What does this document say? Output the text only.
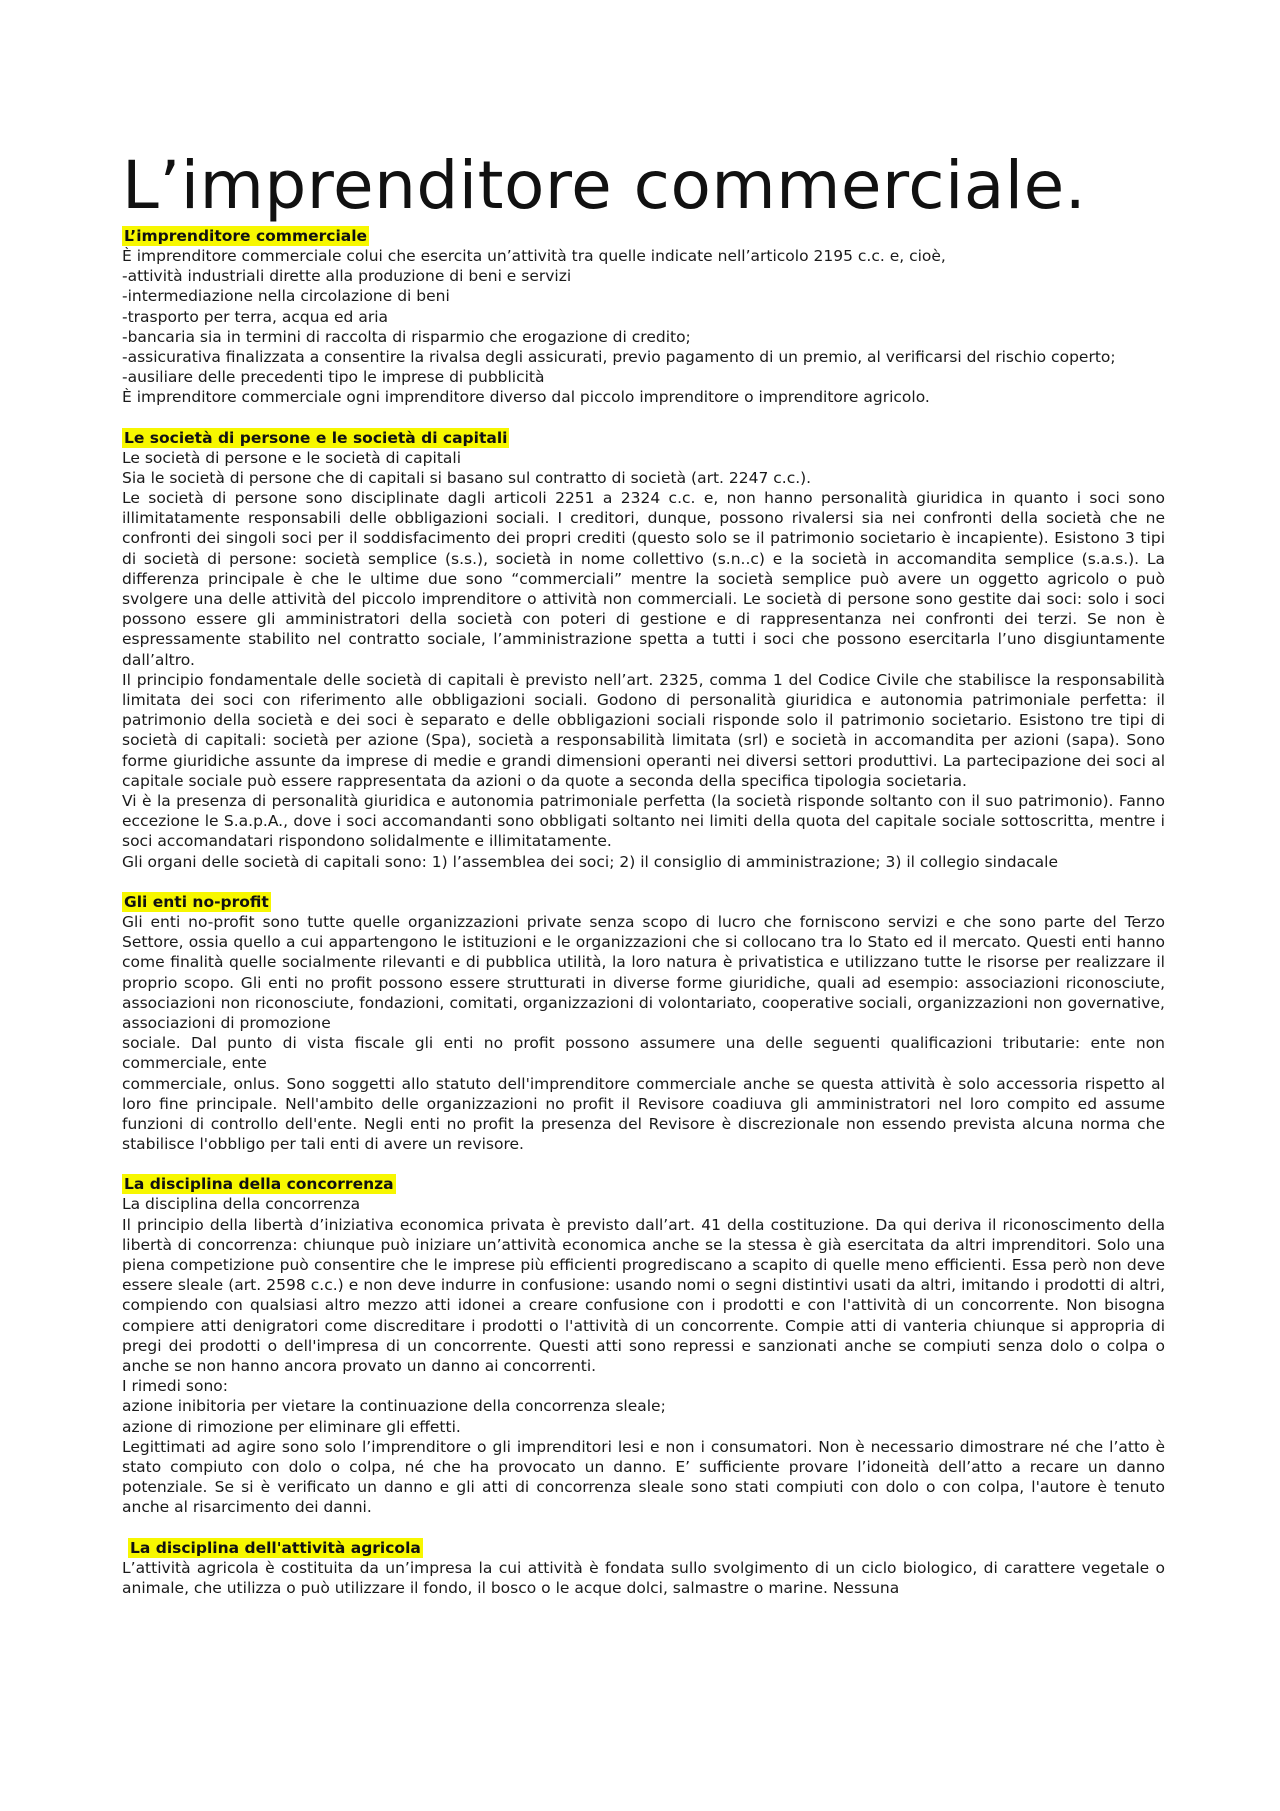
L’imprenditore commerciale.
L’imprenditore commerciale

È imprenditore commerciale colui che esercita un’attività tra quelle indicate nell’articolo 2195 c.c. e, cioè,

-attività industriali dirette alla produzione di beni e servizi

-intermediazione nella circolazione di beni

-trasporto per terra, acqua ed aria

-bancaria sia in termini di raccolta di risparmio che erogazione di credito;

-assicurativa finalizzata a consentire la rivalsa degli assicurati, previo pagamento di un premio, al verificarsi del rischio coperto;

-ausiliare delle precedenti tipo le imprese di pubblicità

È imprenditore commerciale ogni imprenditore diverso dal piccolo imprenditore o imprenditore agricolo.

Le società di persone e le società di capitali

Le società di persone e le società di capitali

Sia le società di persone che di capitali si basano sul contratto di società (art. 2247 c.c.).

Le società di persone sono disciplinate dagli articoli 2251 a 2324 c.c. e, non hanno personalità giuridica in quanto i soci sono illimitatamente responsabili delle obbligazioni sociali. I creditori, dunque, possono rivalersi sia nei confronti della società che ne confronti dei singoli soci per il soddisfacimento dei propri crediti (questo solo se il patrimonio societario è incapiente). Esistono 3 tipi di società di persone: società semplice (s.s.), società in nome collettivo (s.n..c) e la società in accomandita semplice (s.a.s.). La differenza principale è che le ultime due sono “commerciali” mentre la società semplice può avere un oggetto agricolo o può svolgere una delle attività del piccolo imprenditore o attività non commerciali. Le società di persone sono gestite dai soci: solo i soci possono essere gli amministratori della società con poteri di gestione e di rappresentanza nei confronti dei terzi. Se non è espressamente stabilito nel contratto sociale, l’amministrazione spetta a tutti i soci che possono esercitarla l’uno disgiuntamente dall’altro.

Il principio fondamentale delle società di capitali è previsto nell’art. 2325, comma 1 del Codice Civile che stabilisce la responsabilità limitata dei soci con riferimento alle obbligazioni sociali. Godono di personalità giuridica e autonomia patrimoniale perfetta: il patrimonio della società e dei soci è separato e delle obbligazioni sociali risponde solo il patrimonio societario. Esistono tre tipi di società di capitali: società per azione (Spa), società a responsabilità limitata (srl) e società in accomandita per azioni (sapa). Sono forme giuridiche assunte da imprese di medie e grandi dimensioni operanti nei diversi settori produttivi. La partecipazione dei soci al capitale sociale può essere rappresentata da azioni o da quote a seconda della specifica tipologia societaria.

Vi è la presenza di personalità giuridica e autonomia patrimoniale perfetta (la società risponde soltanto con il suo patrimonio). Fanno eccezione le S.a.p.A., dove i soci accomandanti sono obbligati soltanto nei limiti della quota del capitale sociale sottoscritta, mentre i soci accomandatari rispondono solidalmente e illimitatamente.

Gli organi delle società di capitali sono: 1) l’assemblea dei soci; 2) il consiglio di amministrazione; 3) il collegio sindacale

Gli enti no-profit

Gli enti no-profit sono tutte quelle organizzazioni private senza scopo di lucro che forniscono servizi e che sono parte del Terzo Settore, ossia quello a cui appartengono le istituzioni e le organizzazioni che si collocano tra lo Stato ed il mercato. Questi enti hanno come finalità quelle socialmente rilevanti e di pubblica utilità, la loro natura è privatistica e utilizzano tutte le risorse per realizzare il proprio scopo. Gli enti no profit possono essere strutturati in diverse forme giuridiche, quali ad esempio: associazioni riconosciute, associazioni non riconosciute, fondazioni, comitati, organizzazioni di volontariato, cooperative sociali, organizzazioni non governative, associazioni di promozione

sociale. Dal punto di vista fiscale gli enti no profit possono assumere una delle seguenti qualificazioni tributarie: ente non commerciale, ente

commerciale, onlus. Sono soggetti allo statuto dell'imprenditore commerciale anche se questa attività è solo accessoria rispetto al loro fine principale. Nell'ambito delle organizzazioni no profit il Revisore coadiuva gli amministratori nel loro compito ed assume funzioni di controllo dell'ente. Negli enti no profit la presenza del Revisore è discrezionale non essendo prevista alcuna norma che stabilisce l'obbligo per tali enti di avere un revisore.

La disciplina della concorrenza

La disciplina della concorrenza

Il principio della libertà d’iniziativa economica privata è previsto dall’art. 41 della costituzione. Da qui deriva il riconoscimento della libertà di concorrenza: chiunque può iniziare un’attività economica anche se la stessa è già esercitata da altri imprenditori. Solo una piena competizione può consentire che le imprese più efficienti progrediscano a scapito di quelle meno efficienti. Essa però non deve essere sleale (art. 2598 c.c.) e non deve indurre in confusione: usando nomi o segni distintivi usati da altri, imitando i prodotti di altri, compiendo con qualsiasi altro mezzo atti idonei a creare confusione con i prodotti e con l'attività di un concorrente. Non bisogna compiere atti denigratori come discreditare i prodotti o l'attività di un concorrente. Compie atti di vanteria chiunque si appropria di pregi dei prodotti o dell'impresa di un concorrente. Questi atti sono repressi e sanzionati anche se compiuti senza dolo o colpa o anche se non hanno ancora provato un danno ai concorrenti.

I rimedi sono:

azione inibitoria per vietare la continuazione della concorrenza sleale;

azione di rimozione per eliminare gli effetti.

Legittimati ad agire sono solo l’imprenditore o gli imprenditori lesi e non i consumatori. Non è necessario dimostrare né che l’atto è stato compiuto con dolo o colpa, né che ha provocato un danno. E’ sufficiente provare l’idoneità dell’atto a recare un danno potenziale. Se si è verificato un danno e gli atti di concorrenza sleale sono stati compiuti con dolo o con colpa, l'autore è tenuto anche al risarcimento dei danni.

La disciplina dell'attività agricola

L’attività agricola è costituita da un’impresa la cui attività è fondata sullo svolgimento di un ciclo biologico, di carattere vegetale o animale, che utilizza o può utilizzare il fondo, il bosco o le acque dolci, salmastre o marine. Nessuna
